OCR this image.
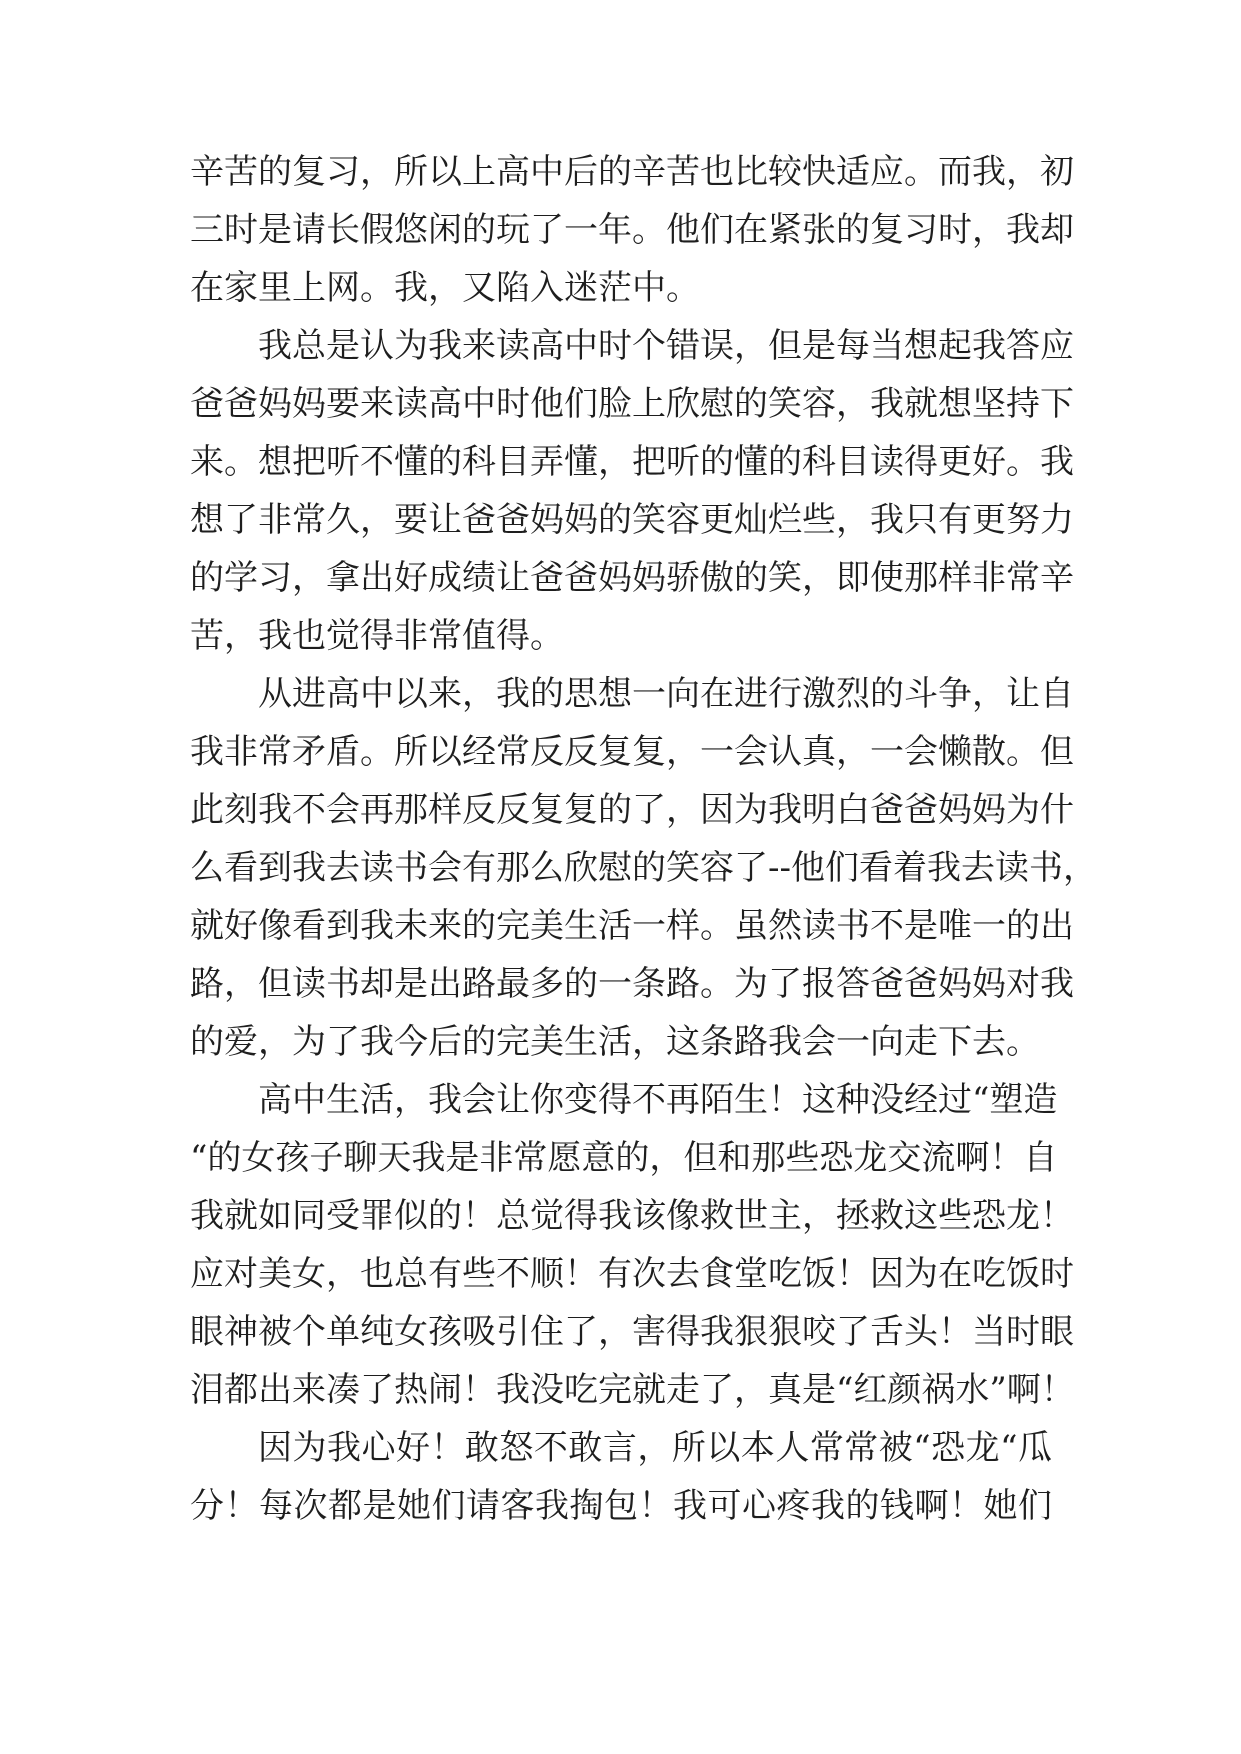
辛苦的复习，所以上高中后的辛苦也比较快适应。而我，初
三时是请长假悠闲的玩了一年。他们在紧张的复习时，我却
在家里上网。我，又陷入迷茫中。
我总是认为我来读高中时个错误，但是每当想起我答应
爸爸妈妈要来读高中时他们脸上欣慰的笑容，我就想坚持下
来。想把听不懂的科目弄懂，把听的懂的科目读得更好。我
想了非常久，要让爸爸妈妈的笑容更灿烂些，我只有更努力
的学习，拿出好成绩让爸爸妈妈骄傲的笑，即使那样非常辛
苦，我也觉得非常值得。
从进高中以来，我的思想一向在进行激烈的斗争，让自
我非常矛盾。所以经常反反复复，一会认真，一会懒散。但
此刻我不会再那样反反复复的了，因为我明白爸爸妈妈为什
么看到我去读书会有那么欣慰的笑容了--他们看着我去读书，
就好像看到我未来的完美生活一样。虽然读书不是唯一的出
路，但读书却是出路最多的一条路。为了报答爸爸妈妈对我
的爱，为了我今后的完美生活，这条路我会一向走下去。
高中生活，我会让你变得不再陌生！这种没经过“塑造
“的女孩子聊天我是非常愿意的，但和那些恐龙交流啊！自
我就如同受罪似的！总觉得我该像救世主，拯救这些恐龙！
应对美女，也总有些不顺！有次去食堂吃饭！因为在吃饭时
眼神被个单纯女孩吸引住了，害得我狠狠咬了舌头！当时眼
泪都出来凑了热闹！我没吃完就走了，真是“红颜祸水”啊！
因为我心好！敢怒不敢言，所以本人常常被“恐龙“瓜
分！每次都是她们请客我掏包！我可心疼我的钱啊！她们
